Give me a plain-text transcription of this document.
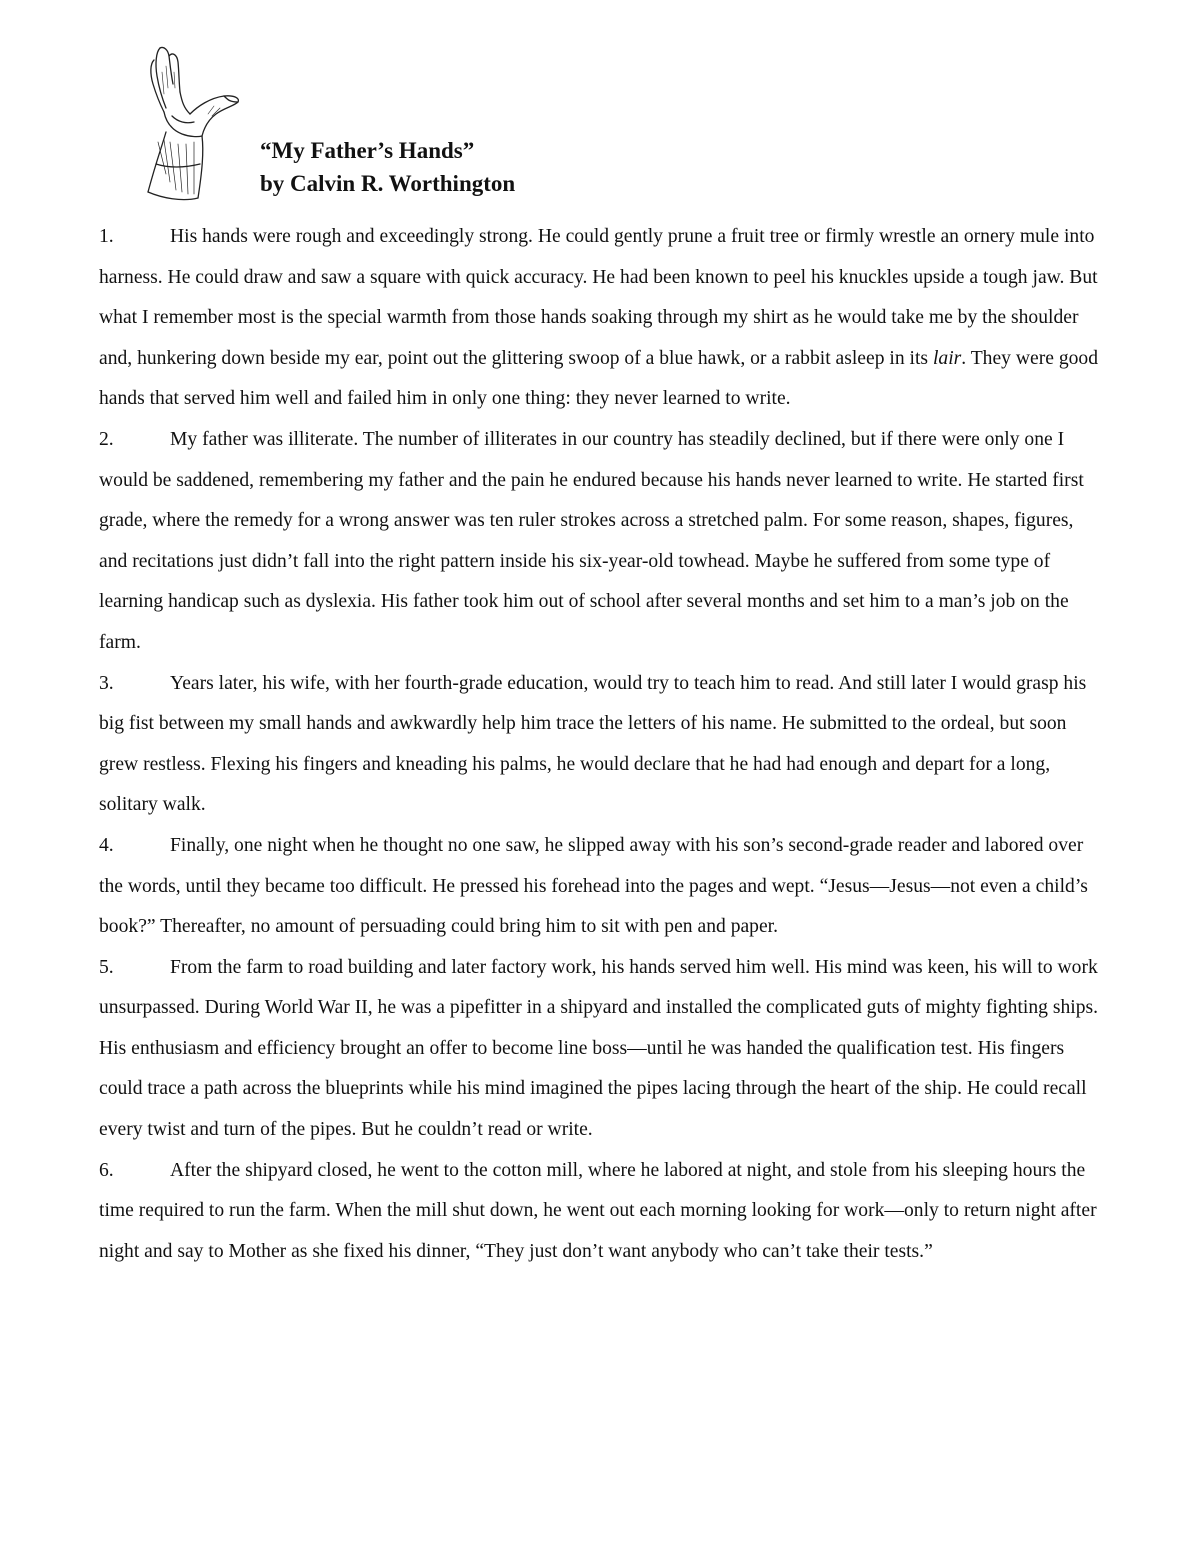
“My Father’s Hands”
by Calvin R. Worthington

1.	His hands were rough and exceedingly strong. He could gently prune a fruit tree or firmly wrestle an ornery mule into harness. He could draw and saw a square with quick accuracy. He had been known to peel his knuckles upside a tough jaw. But what I remember most is the special warmth from those hands soaking through my shirt as he would take me by the shoulder and, hunkering down beside my ear, point out the glittering swoop of a blue hawk, or a rabbit asleep in its lair. They were good hands that served him well and failed him in only one thing: they never learned to write.

2.	My father was illiterate. The number of illiterates in our country has steadily declined, but if there were only one I would be saddened, remembering my father and the pain he endured because his hands never learned to write. He started first grade, where the remedy for a wrong answer was ten ruler strokes across a stretched palm. For some reason, shapes, figures, and recitations just didn’t fall into the right pattern inside his six-year-old towhead. Maybe he suffered from some type of learning handicap such as dyslexia. His father took him out of school after several months and set him to a man’s job on the farm.

3.	Years later, his wife, with her fourth-grade education, would try to teach him to read. And still later I would grasp his big fist between my small hands and awkwardly help him trace the letters of his name. He submitted to the ordeal, but soon grew restless. Flexing his fingers and kneading his palms, he would declare that he had had enough and depart for a long, solitary walk.

4.	Finally, one night when he thought no one saw, he slipped away with his son’s second-grade reader and labored over the words, until they became too difficult. He pressed his forehead into the pages and wept. “Jesus—Jesus—not even a child’s book?” Thereafter, no amount of persuading could bring him to sit with pen and paper.

5.	From the farm to road building and later factory work, his hands served him well. His mind was keen, his will to work unsurpassed. During World War II, he was a pipefitter in a shipyard and installed the complicated guts of mighty fighting ships. His enthusiasm and efficiency brought an offer to become line boss—until he was handed the qualification test. His fingers could trace a path across the blueprints while his mind imagined the pipes lacing through the heart of the ship. He could recall every twist and turn of the pipes. But he couldn’t read or write.

6.	After the shipyard closed, he went to the cotton mill, where he labored at night, and stole from his sleeping hours the time required to run the farm. When the mill shut down, he went out each morning looking for work—only to return night after night and say to Mother as she fixed his dinner, “They just don’t want anybody who can’t take their tests.”
